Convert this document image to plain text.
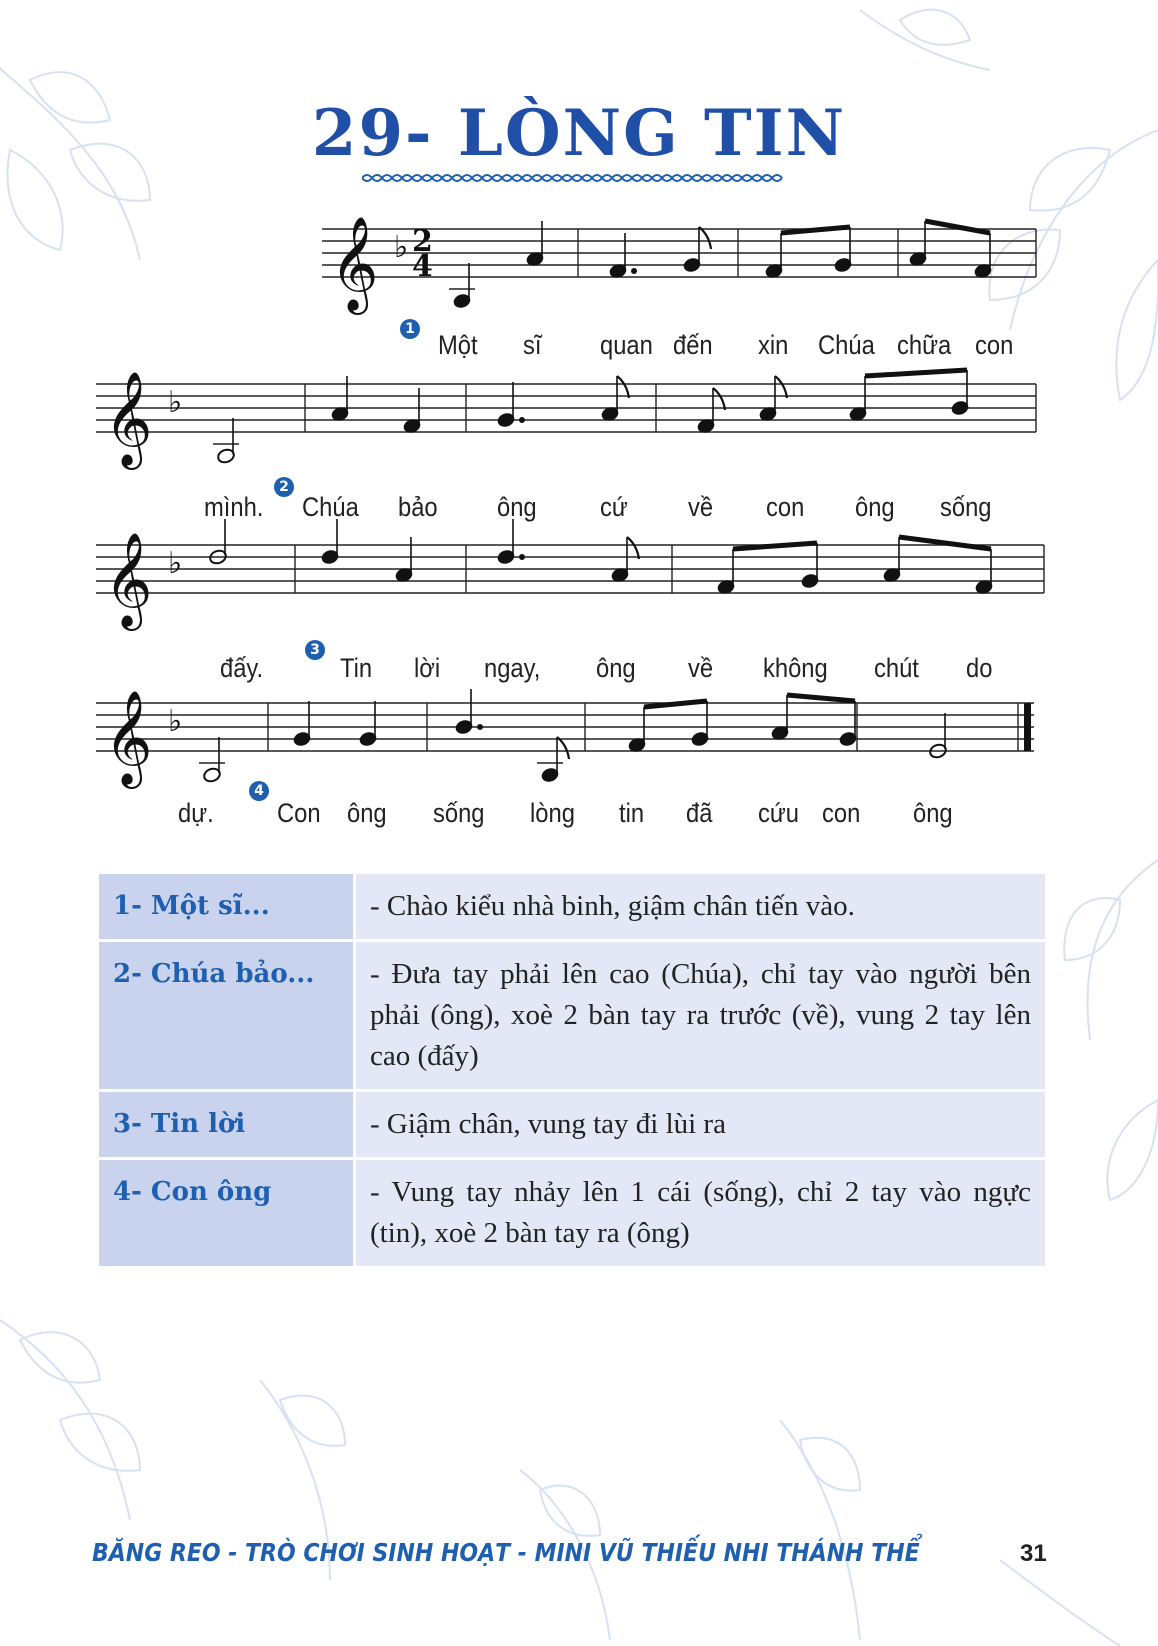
29- LÒNG TIN
𝄞 ♭ 2
4
𝄞 ♭
𝄞 ♭
𝄞 ♭
Một sĩ quan đến xin Chúa chữa con
mình. Chúa bảo ông cứ về con ông sống
đấy.	Tin lời ngay, ông về không chút do
dự. Con ông sống lòng tin đã cứu con ông
1
2
3
4
1- Một sĩ...	- Chào kiểu nhà binh, giậm chân tiến vào.
2- Chúa bảo...	- Đưa tay phải lên cao (Chúa), chỉ tay vào người bên phải (ông), xoè 2 bàn tay ra trước (về), vung 2 tay lên cao (đấy)
3- Tin lời	- Giậm chân, vung tay đi lùi ra
4- Con ông	- Vung tay nhảy lên 1 cái (sống), chỉ 2 tay vào ngực (tin), xoè 2 bàn tay ra (ông)
BĂNG REO - TRÒ CHƠI SINH HOẠT - MINI VŨ THIẾU NHI THÁNH THỂ	31
